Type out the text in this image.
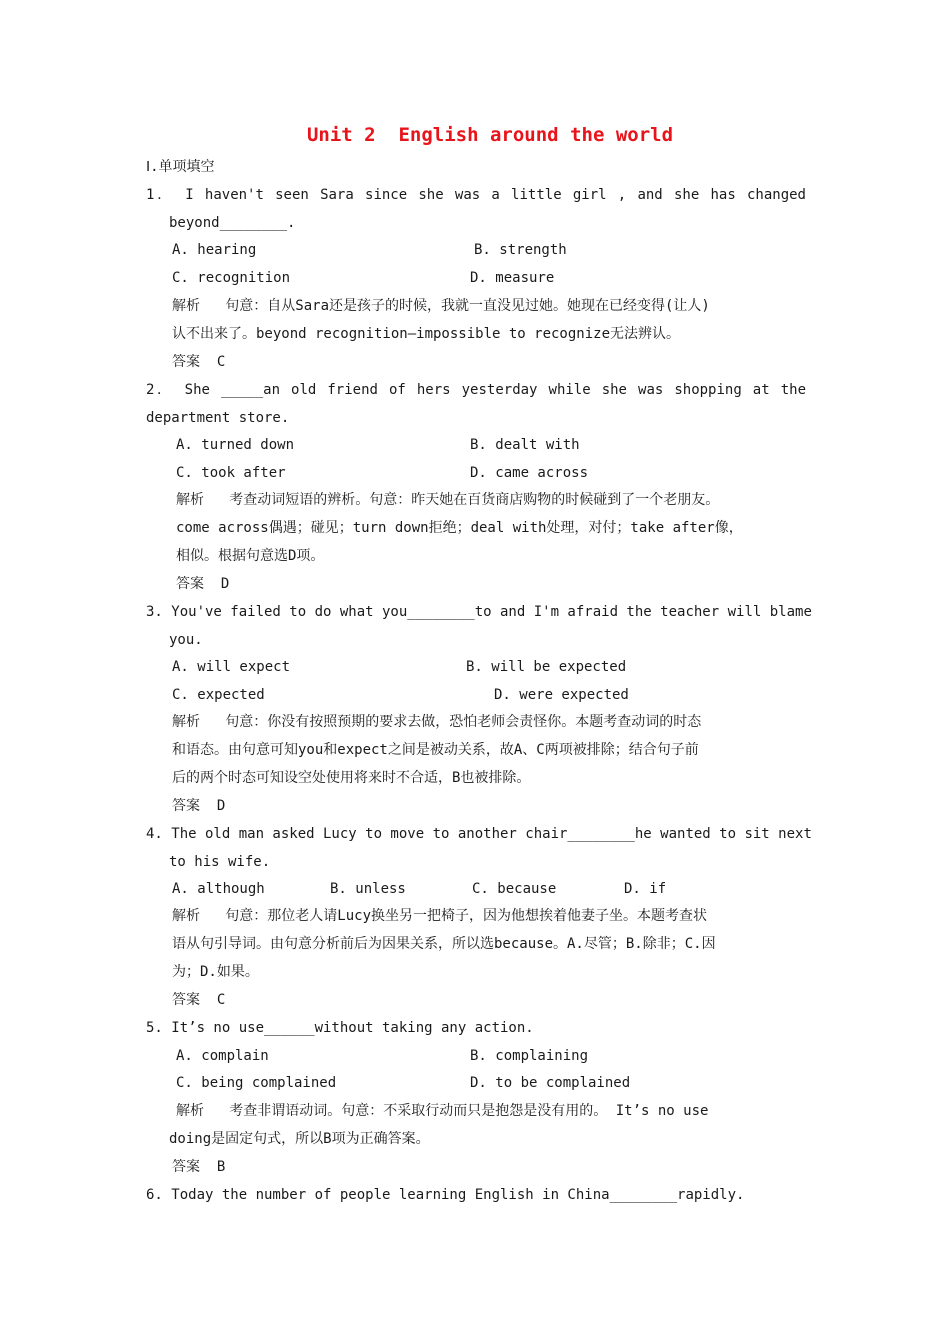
Unit 2  English around the world
Ⅰ.单项填空
1． I haven't seen Sara since she was a little girl , and she has changed
beyond________.
A. hearing	B. strength
C. recognition	D. measure
解析   句意：自从Sara还是孩子的时候，我就一直没见过她。她现在已经变得(让人)
认不出来了。beyond recognition—impossible to recognize无法辨认。
答案  C
2． She _____an old friend of hers yesterday while she was shopping at the
department store.
A. turned down	B. dealt with
C. took after	D. came across
解析   考查动词短语的辨析。句意：昨天她在百货商店购物的时候碰到了一个老朋友。
come across偶遇；碰见；turn down拒绝；deal with处理，对付；take after像，
相似。根据句意选D项。
答案  D
3. You've failed to do what you________to and I'm afraid the teacher will blame
you.
A. will expect	B. will be expected
C. expected	D. were expected
解析   句意：你没有按照预期的要求去做，恐怕老师会责怪你。本题考查动词的时态
和语态。由句意可知you和expect之间是被动关系，故A、C两项被排除；结合句子前
后的两个时态可知设空处使用将来时不合适，B也被排除。
答案  D
4. The old man asked Lucy to move to another chair________he wanted to sit next
to his wife.
A. although	B. unless	C. because	D. if
解析   句意：那位老人请Lucy换坐另一把椅子，因为他想挨着他妻子坐。本题考查状
语从句引导词。由句意分析前后为因果关系，所以选because。A.尽管；B.除非；C.因
为；D.如果。
答案  C
5. It’s no use______without taking any action.
A. complain	B. complaining
C. being complained	D. to be complained
解析   考查非谓语动词。句意：不采取行动而只是抱怨是没有用的。 It’s no use
doing是固定句式，所以B项为正确答案。
答案  B
6. Today the number of people learning English in China________rapidly.
